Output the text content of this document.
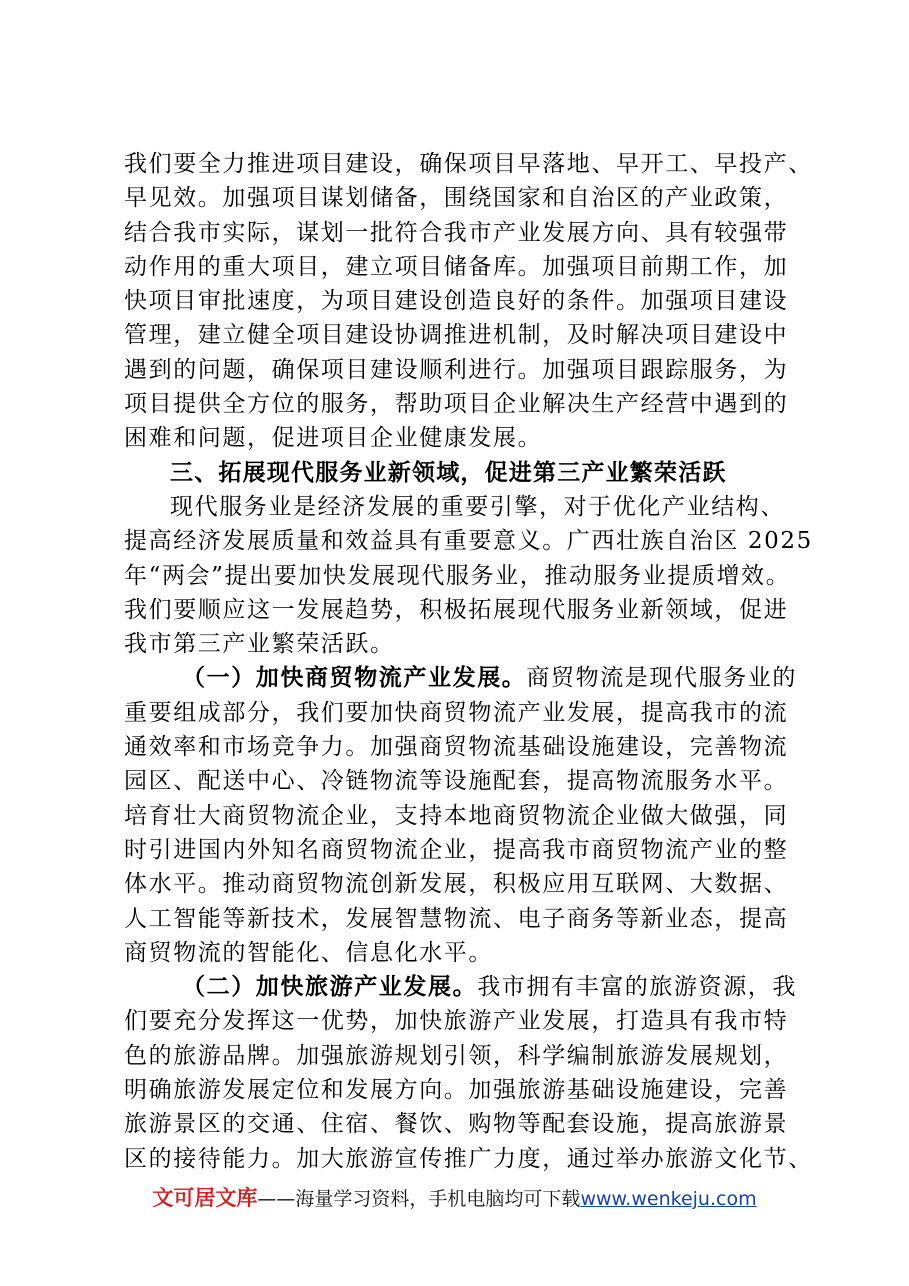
我们要全力推进项目建设，确保项目早落地、早开工、早投产、
早见效。加强项目谋划储备，围绕国家和自治区的产业政策，
结合我市实际，谋划一批符合我市产业发展方向、具有较强带
动作用的重大项目，建立项目储备库。加强项目前期工作，加
快项目审批速度，为项目建设创造良好的条件。加强项目建设
管理，建立健全项目建设协调推进机制，及时解决项目建设中
遇到的问题，确保项目建设顺利进行。加强项目跟踪服务，为
项目提供全方位的服务，帮助项目企业解决生产经营中遇到的
困难和问题，促进项目企业健康发展。
三、拓展现代服务业新领域，促进第三产业繁荣活跃
现代服务业是经济发展的重要引擎，对于优化产业结构、
提高经济发展质量和效益具有重要意义。广西壮族自治区 2025
年“两会”提出要加快发展现代服务业，推动服务业提质增效。
我们要顺应这一发展趋势，积极拓展现代服务业新领域，促进
我市第三产业繁荣活跃。
（一）加快商贸物流产业发展。商贸物流是现代服务业的
重要组成部分，我们要加快商贸物流产业发展，提高我市的流
通效率和市场竞争力。加强商贸物流基础设施建设，完善物流
园区、配送中心、冷链物流等设施配套，提高物流服务水平。
培育壮大商贸物流企业，支持本地商贸物流企业做大做强，同
时引进国内外知名商贸物流企业，提高我市商贸物流产业的整
体水平。推动商贸物流创新发展，积极应用互联网、大数据、
人工智能等新技术，发展智慧物流、电子商务等新业态，提高
商贸物流的智能化、信息化水平。
（二）加快旅游产业发展。我市拥有丰富的旅游资源，我
们要充分发挥这一优势，加快旅游产业发展，打造具有我市特
色的旅游品牌。加强旅游规划引领，科学编制旅游发展规划，
明确旅游发展定位和发展方向。加强旅游基础设施建设，完善
旅游景区的交通、住宿、餐饮、购物等配套设施，提高旅游景
区的接待能力。加大旅游宣传推广力度，通过举办旅游文化节、
文可居文库——海量学习资料，手机电脑均可下载www.wenkeju.com
